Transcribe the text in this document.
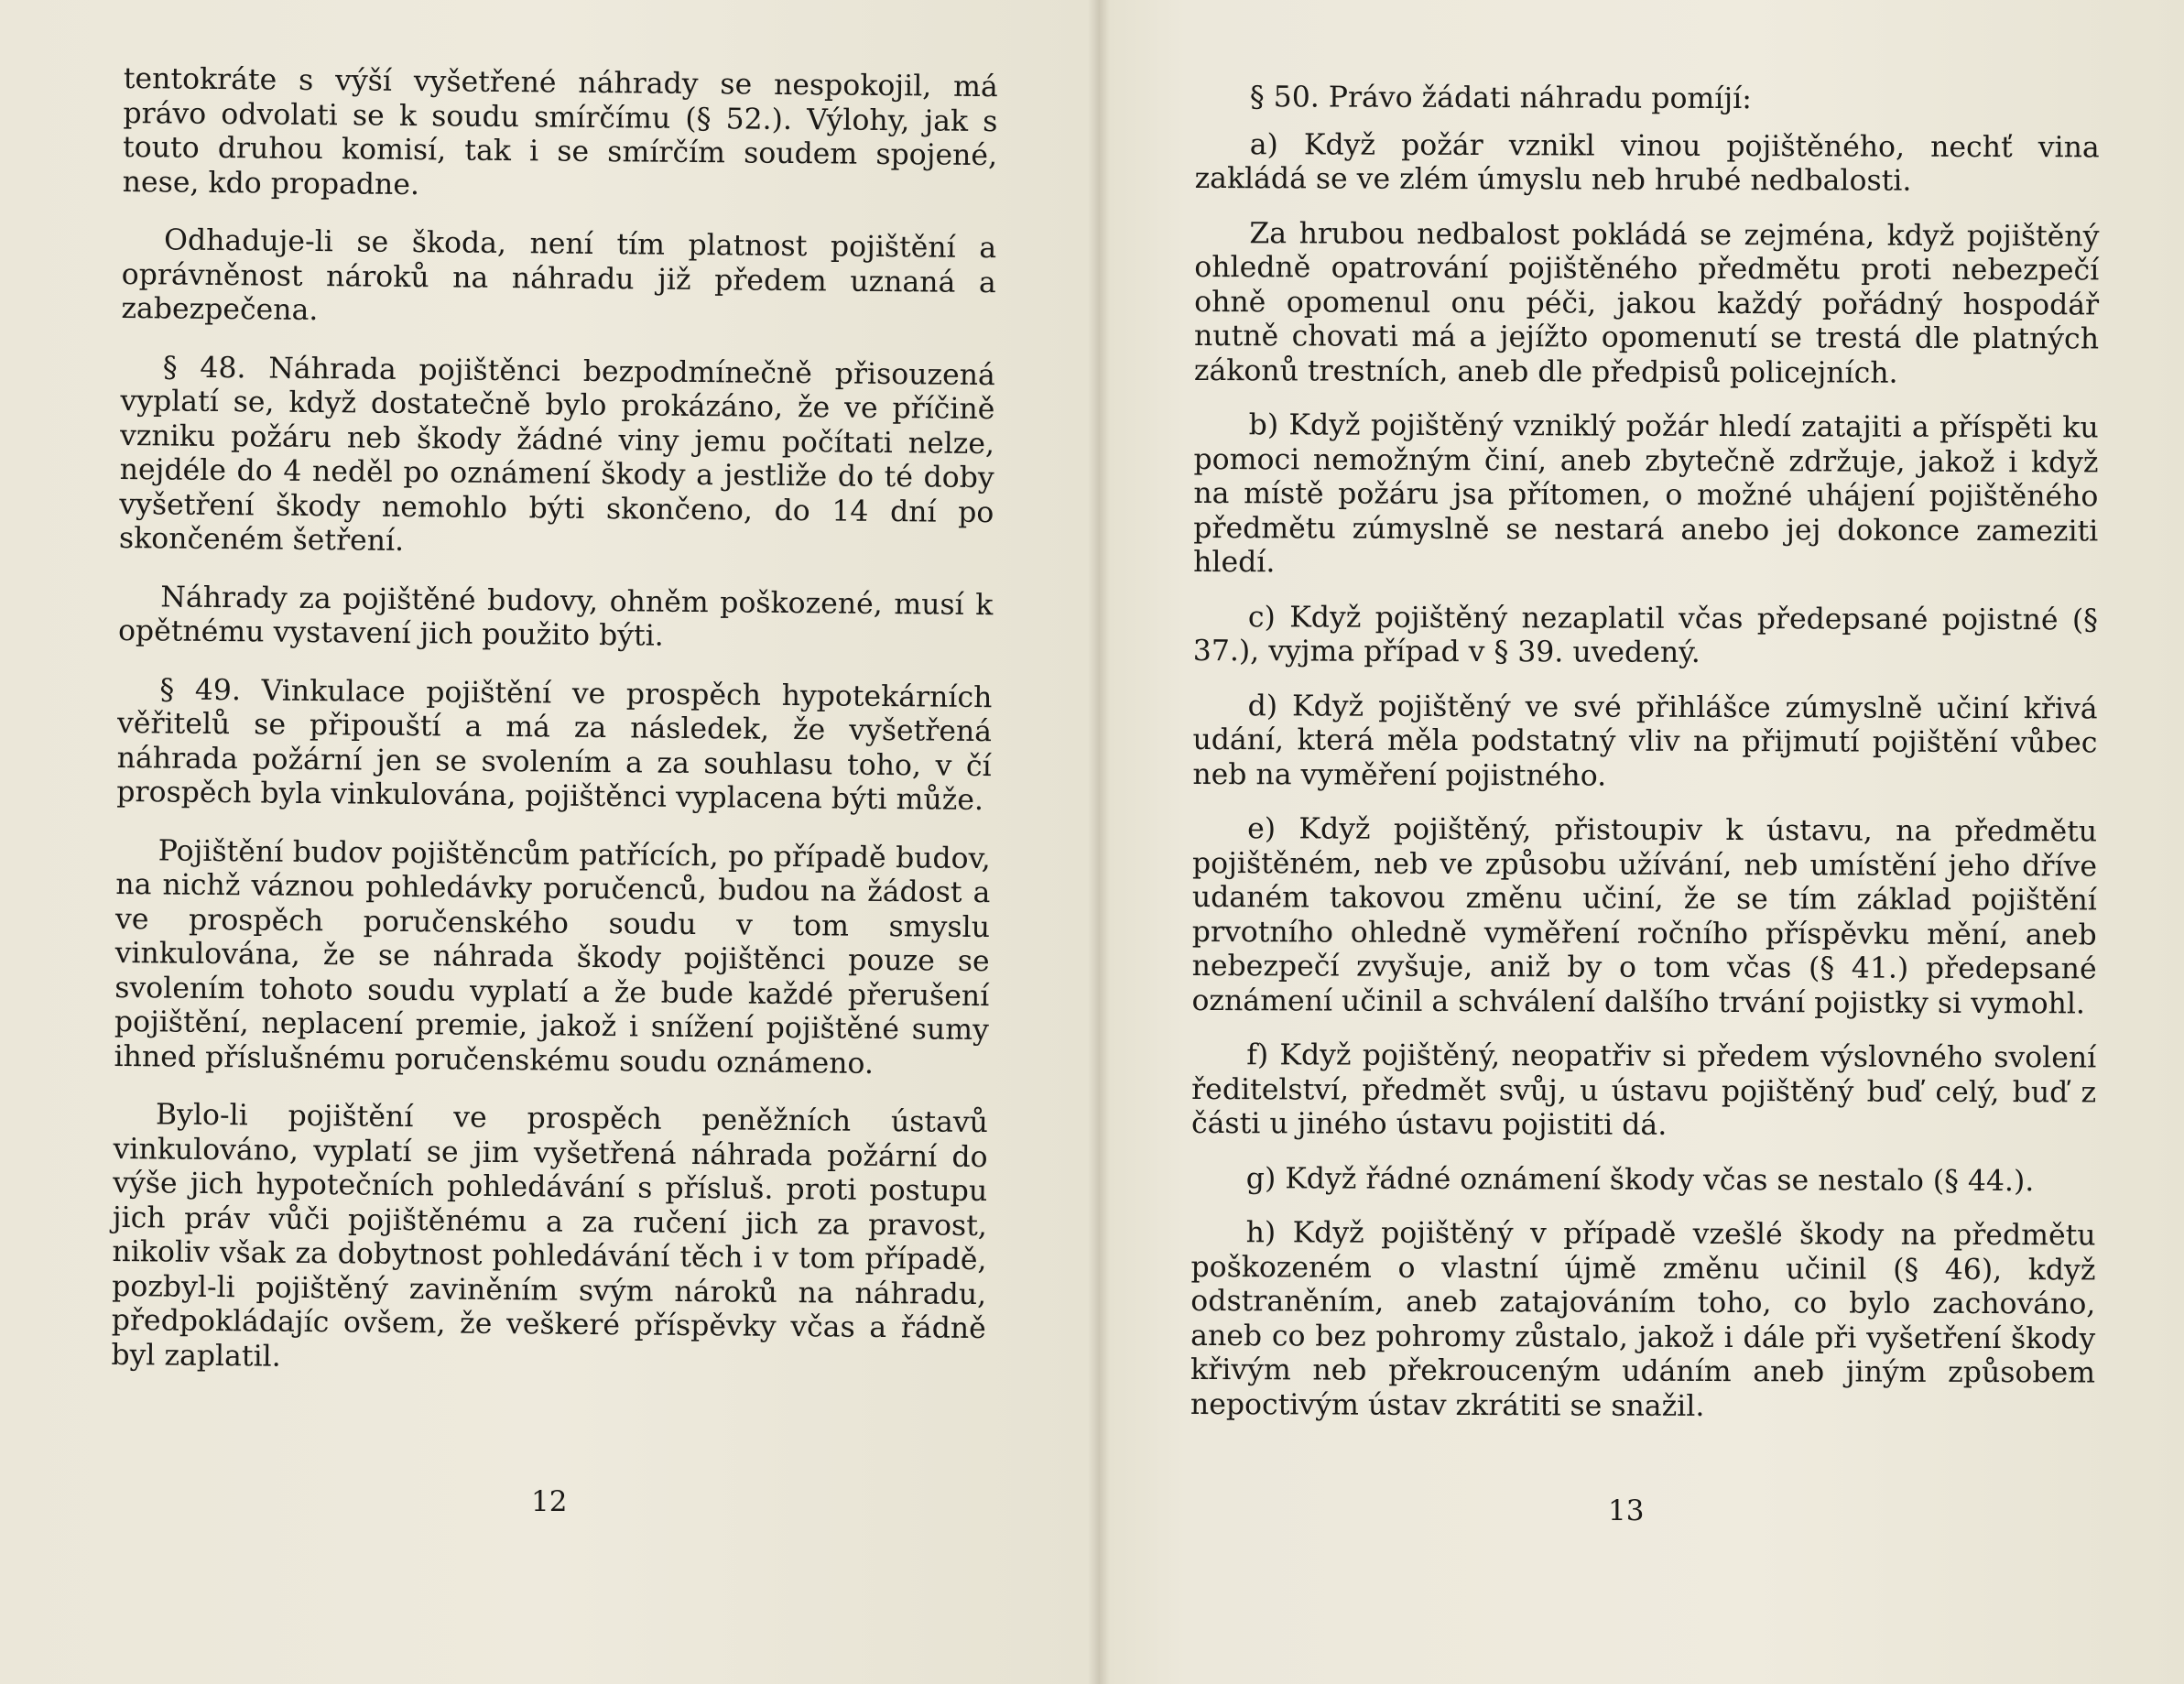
tentokráte s výší vyšetřené náhrady se nespokojil, má právo odvolati se k soudu smírčímu (§ 52.). Výlohy, jak s touto druhou komisí, tak i se smírčím soudem spojené, nese, kdo propadne.

Odhaduje-li se škoda, není tím platnost pojištění a oprávněnost nároků na náhradu již předem uznaná a zabezpečena.

§ 48. Náhrada pojištěnci bezpodmínečně přisouzená vyplatí se, když dostatečně bylo prokázáno, že ve příčině vzniku požáru neb škody žádné viny jemu počítati nelze, nejdéle do 4 neděl po oznámení škody a jestliže do té doby vyšetření škody nemohlo býti skončeno, do 14 dní po skončeném šetření.

Náhrady za pojištěné budovy, ohněm poškozené, musí k opětnému vystavení jich použito býti.

§ 49. Vinkulace pojištění ve prospěch hypotekárních věřitelů se připouští a má za následek, že vyšetřená náhrada požární jen se svolením a za souhlasu toho, v čí prospěch byla vinkulována, pojištěnci vyplacena býti může.

Pojištění budov pojištěncům patřících, po případě budov, na nichž váznou pohledávky poručenců, budou na žádost a ve prospěch poručenského soudu v tom smyslu vinkulována, že se náhrada škody pojištěnci pouze se svolením tohoto soudu vyplatí a že bude každé přerušení pojištění, neplacení premie, jakož i snížení pojištěné sumy ihned příslušnému poručenskému soudu oznámeno.

Bylo-li pojištění ve prospěch peněžních ústavů vinkulováno, vyplatí se jim vyšetřená náhrada požární do výše jich hypotečních pohledávání s přísluš. proti postupu jich práv vůči pojištěnému a za ručení jich za pravost, nikoliv však za dobytnost pohledávání těch i v tom případě, pozbyl-li pojištěný zaviněním svým nároků na náhradu, předpokládajíc ovšem, že veškeré příspěvky včas a řádně byl zaplatil.

12

§ 50. Právo žádati náhradu pomíjí:

a) Když požár vznikl vinou pojištěného, nechť vina zakládá se ve zlém úmyslu neb hrubé nedbalosti.

Za hrubou nedbalost pokládá se zejména, když pojištěný ohledně opatrování pojištěného předmětu proti nebezpečí ohně opomenul onu péči, jakou každý pořádný hospodář nutně chovati má a jejížto opomenutí se trestá dle platných zákonů trestních, aneb dle předpisů policejních.

b) Když pojištěný vzniklý požár hledí zatajiti a příspěti ku pomoci nemožným činí, aneb zbytečně zdržuje, jakož i když na místě požáru jsa přítomen, o možné uhájení pojištěného předmětu zúmyslně se nestará anebo jej dokonce zameziti hledí.

c) Když pojištěný nezaplatil včas předepsané pojistné (§ 37.), vyjma případ v § 39. uvedený.

d) Když pojištěný ve své přihlášce zúmyslně učiní křivá udání, která měla podstatný vliv na přijmutí pojištění vůbec neb na vyměření pojistného.

e) Když pojištěný, přistoupiv k ústavu, na předmětu pojištěném, neb ve způsobu užívání, neb umístění jeho dříve udaném takovou změnu učiní, že se tím základ pojištění prvotního ohledně vyměření ročního příspěvku mění, aneb nebezpečí zvyšuje, aniž by o tom včas (§ 41.) předepsané oznámení učinil a schválení dalšího trvání pojistky si vymohl.

f) Když pojištěný, neopatřiv si předem výslovného svolení ředitelství, předmět svůj, u ústavu pojištěný buď celý, buď z části u jiného ústavu pojistiti dá.

g) Když řádné oznámení škody včas se nestalo (§ 44.).

h) Když pojištěný v případě vzešlé škody na předmětu poškozeném o vlastní újmě změnu učinil (§ 46), když odstraněním, aneb zatajováním toho, co bylo zachováno, aneb co bez pohromy zůstalo, jakož i dále při vyšetření škody křivým neb překrouceným udáním aneb jiným způsobem nepoctivým ústav zkrátiti se snažil.

13
